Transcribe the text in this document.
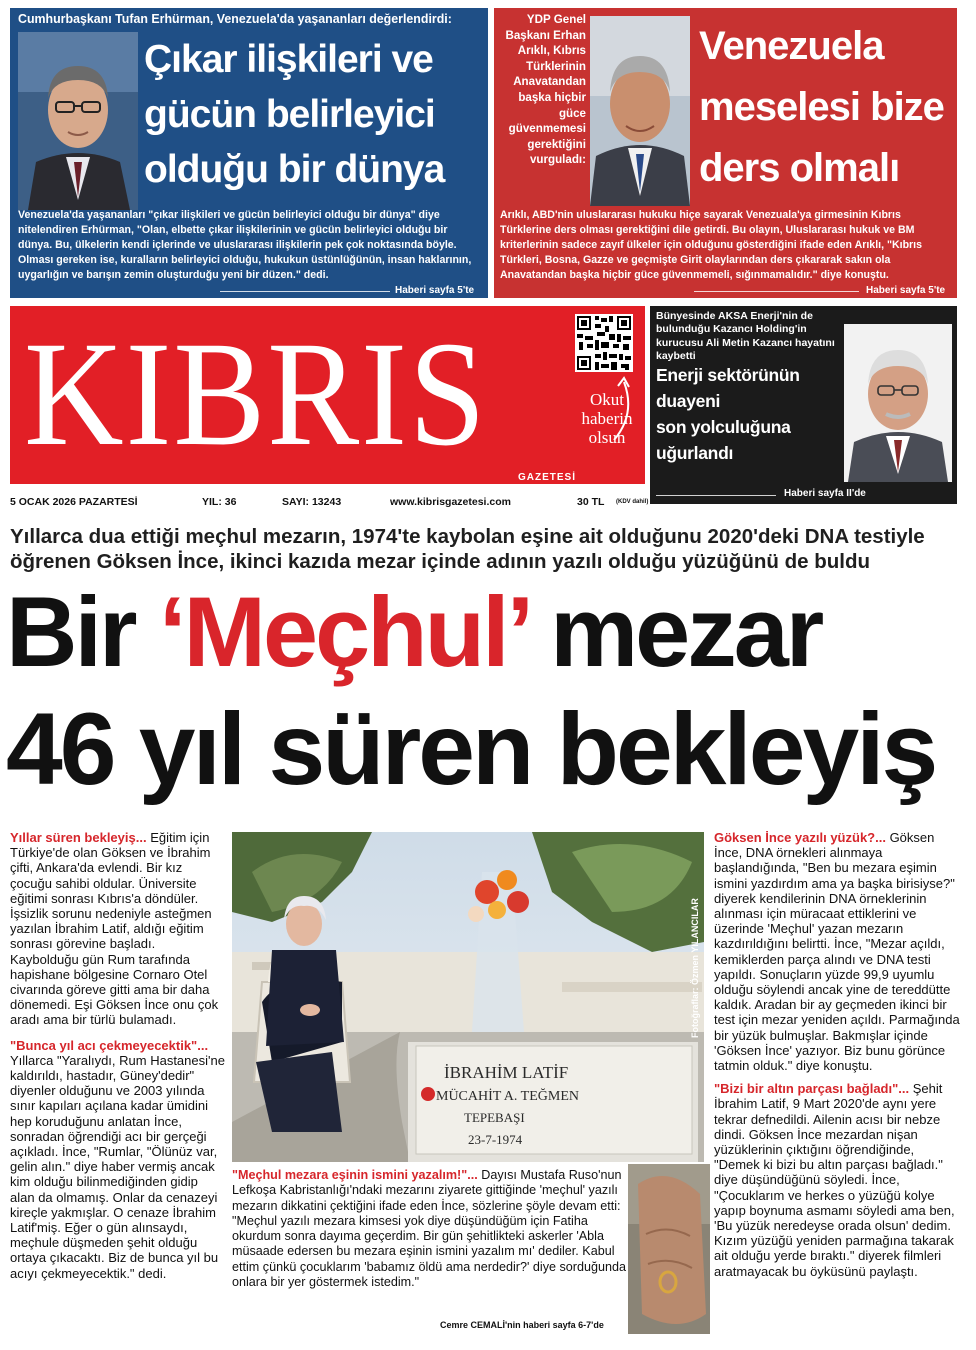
Cumhurbaşkanı Tufan Erhürman, Venezuela'da yaşananları değerlendirdi:
Çıkar ilişkileri ve gücün belirleyici olduğu bir dünya
Venezuela'da yaşananları "çıkar ilişkileri ve gücün belirleyici olduğu bir dünya" diye nitelendiren Erhürman, "Olan, elbette çıkar ilişkilerinin ve gücün belirleyici olduğu bir dünya. Bu, ülkelerin kendi içlerinde ve uluslararası ilişkilerin pek çok noktasında böyle. Olması gereken ise, kuralların belirleyici olduğu, hukukun üstünlüğünün, insan haklarının, uygarlığın ve barışın zemin oluşturduğu yeni bir düzen." dedi.
Haberi sayfa 5'te
YDP Genel
Başkanı Erhan
Arıklı, Kıbrıs
Türklerinin
Anavatandan
başka hiçbir
güce
güvenmemesi
gerektiğini
vurguladı:
Venezuela meselesi bize ders olmalı
Arıklı, ABD'nin uluslararası hukuku hiçe sayarak Venezuala'ya girmesinin Kıbrıs Türklerine ders olması gerektiğini dile getirdi. Bu olayın, Uluslararası hukuk ve BM kriterlerinin sadece zayıf ülkeler için olduğunu gösterdiğini ifade eden Arıklı, "Kıbrıs Türkleri, Bosna, Gazze ve geçmişte Girit olaylarından ders çıkararak sakın ola Anavatandan başka hiçbir güce güvenmemeli, sığınmamalıdır." diye konuştu.
Haberi sayfa 5'te
KIBRIS	Okut
haberin
olsun
GAZETESİ
Bünyesinde AKSA Enerji'nin de bulunduğu Kazancı Holding'in kurucusu Ali Metin Kazancı hayatını kaybetti
Enerji sektörünün duayeni son yolculuğuna uğurlandı
Haberi sayfa II'de
5 OCAK 2026 PAZARTESİ	YIL: 36	SAYI: 13243	www.kibrisgazetesi.com	30 TL (KDV dahil)
Yıllarca dua ettiği meçhul mezarın, 1974'te kaybolan eşine ait olduğunu 2020'deki DNA testiyle öğrenen Göksen İnce, ikinci kazıda mezar içinde adının yazılı olduğu yüzüğünü de buldu
Bir ‘Meçhul’ mezar
46 yıl süren bekleyiş

Yıllar süren bekleyiş... Eğitim için Türkiye'de olan Göksen ve İbrahim çifti, Ankara'da evlendi. Bir kız çocuğu sahibi oldular. Üniversite eğitimi sonrası Kıbrıs'a döndüler. İşsizlik sorunu nedeniyle asteğmen yazılan İbrahim Latif, aldığı eğitim sonrası görevine başladı. Kaybolduğu gün Rum tarafında hapishane bölgesine Cornaro Otel civarında göreve gitti ama bir daha dönemedi. Eşi Göksen İnce onu çok aradı ama bir türlü bulamadı.

"Bunca yıl acı çekmeyecektik"... Yıllarca "Yaralıydı, Rum Hastanesi'ne kaldırıldı, hastadır, Güney'dedir" diyenler olduğunu ve 2003 yılında sınır kapıları açılana kadar ümidini hep koruduğunu anlatan İnce, sonradan öğrendiği acı bir gerçeği açıkladı. İnce, "Rumlar, "Ölünüz var, gelin alın." diye haber vermiş ancak kim olduğu bilinmediğinden gidip alan da olmamış. Onlar da cenazeyi kireçle yakmışlar. O cenaze İbrahim Latif'miş. Eğer o gün alınsaydı, meçhule düşmeden şehit olduğu ortaya çıkacaktı. Biz de bunca yıl bu acıyı çekmeyecektik." dedi.

İBRAHİM LATİF
MÜCAHİT A. TEĞMEN
TEPEBAŞI
23-7-1974
Fotoğraflar: Özmen YILANCILAR
"Meçhul mezara eşinin ismini yazalım!"... Dayısı Mustafa Ruso'nun Lefkoşa Kabristanlığı'ndaki mezarını ziyarete gittiğinde 'meçhul' yazılı mezarın dikkatini çektiğini ifade eden İnce, sözlerine şöyle devam etti: "Meçhul yazılı mezara kimsesi yok diye düşündüğüm için Fatiha okurdum sonra dayıma geçerdim. Bir gün şehitlikteki askerler 'Abla müsaade edersen bu mezara eşinin ismini yazalım mı' dediler. Kabul ettim çünkü çocuklarım 'babamız öldü ama nerdedir?' diye sorduğunda onlara bir yer göstermek istedim."
Cemre CEMALİ'nin haberi sayfa 6-7'de

Göksen İnce yazılı yüzük?... Göksen İnce, DNA örnekleri alınmaya başlandığında, "Ben bu mezara eşimin ismini yazdırdım ama ya başka birisiyse?" diyerek kendilerinin DNA örneklerinin alınması için müracaat ettiklerini ve üzerinde 'Meçhul' yazan mezarın kazdırıldığını belirtti. İnce, "Mezar açıldı, kemiklerden parça alındı ve DNA testi yapıldı. Sonuçların yüzde 99,9 uyumlu olduğu söylendi ancak yine de tereddütte kaldık. Aradan bir ay geçmeden ikinci bir test için mezar yeniden açıldı. Parmağında bir yüzük bulmuşlar. Bakmışlar içinde 'Göksen İnce' yazıyor. Biz bunu görünce tatmin olduk." diye konuştu.

"Bizi bir altın parçası bağladı"... Şehit İbrahim Latif, 9 Mart 2020'de aynı yere tekrar defnedildi. Ailenin acısı bir nebze dindi. Göksen İnce mezardan nişan yüzüklerinin çıktığını öğrendiğinde, "Demek ki bizi bu altın parçası bağladı." diye düşündüğünü söyledi. İnce, "Çocuklarım ve herkes o yüzüğü kolye yapıp boynuma asmamı söyledi ama ben, 'Bu yüzük neredeyse orada olsun' dedim. Kızım yüzüğü yeniden parmağına takarak ait olduğu yerde bıraktı." diyerek filmleri aratmayacak bu öyküsünü paylaştı.
